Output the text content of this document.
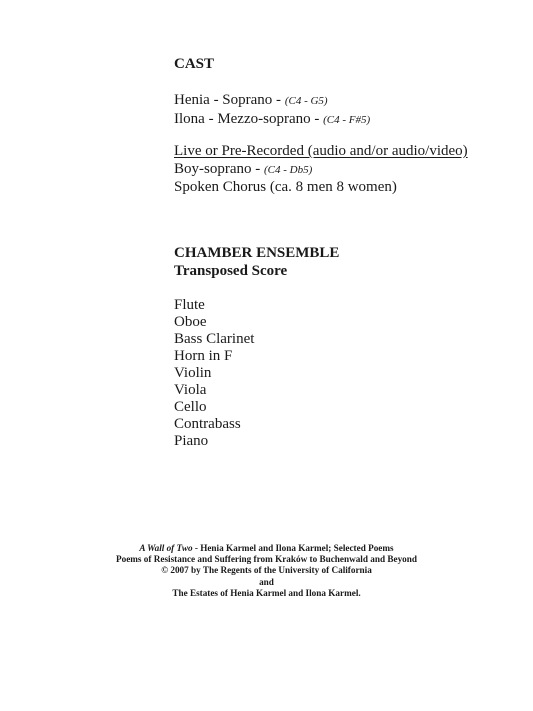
CAST

Henia - Soprano - (C4 - G5)

Ilona - Mezzo-soprano - (C4 - F#5)

Live or Pre-Recorded (audio and/or audio/video)

Boy-soprano - (C4 - Db5)

Spoken Chorus (ca. 8 men 8 women)

CHAMBER ENSEMBLE

Transposed Score

Flute

Oboe

Bass Clarinet

Horn in F

Violin

Viola

Cello

Contrabass

Piano

A Wall of Two - Henia Karmel and Ilona Karmel; Selected Poems

Poems of Resistance and Suffering from Kraków to Buchenwald and Beyond

© 2007 by The Regents of the University of California

and

The Estates of Henia Karmel and Ilona Karmel.
